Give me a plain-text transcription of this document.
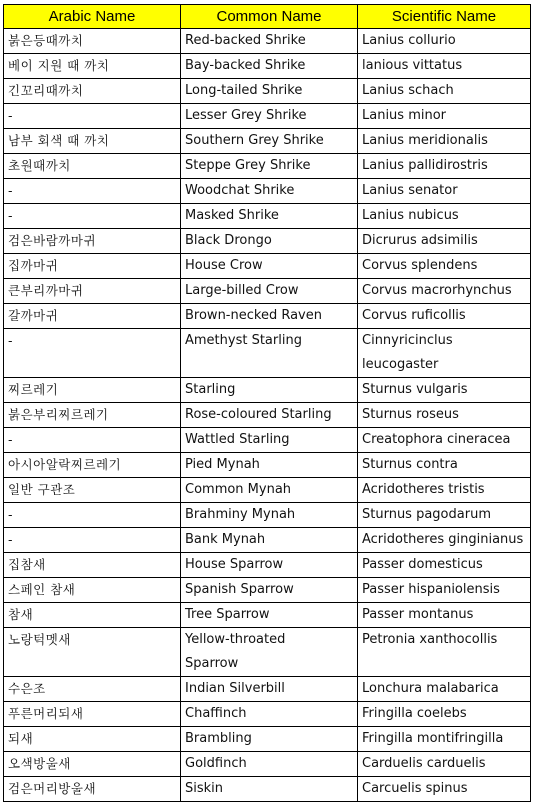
Arabic Name	Common Name	Scientific Name
붉은등때까치	Red-backed Shrike	Lanius collurio

베이 지원 때 까치	Bay-backed Shrike	lanious vittatus

긴꼬리때까치	Long-tailed Shrike	Lanius schach

-	Lesser Grey Shrike	Lanius minor

남부 회색 때 까치	Southern Grey Shrike	Lanius meridionalis

초원때까치	Steppe Grey Shrike	Lanius pallidirostris

-	Woodchat Shrike	Lanius senator

-	Masked Shrike	Lanius nubicus

검은바람까마귀	Black Drongo	Dicrurus adsimilis

집까마귀	House Crow	Corvus splendens

큰부리까마귀	Large-billed Crow	Corvus macrorhynchus

갈까마귀	Brown-necked Raven	Corvus ruficollis

-	Amethyst Starling	Cinnyricinclus
leucogaster

찌르레기	Starling	Sturnus vulgaris

붉은부리찌르레기	Rose-coloured Starling	Sturnus roseus

-	Wattled Starling	Creatophora cineracea

아시아알락찌르레기	Pied Mynah	Sturnus contra

일반 구관조	Common Mynah	Acridotheres tristis

-	Brahminy Mynah	Sturnus pagodarum

-	Bank Mynah	Acridotheres ginginianus

집참새	House Sparrow	Passer domesticus

스페인 참새	Spanish Sparrow	Passer hispaniolensis

참새	Tree Sparrow	Passer montanus

노랑턱멧새	Yellow-throated
Sparrow	Petronia xanthocollis

수은조	Indian Silverbill	Lonchura malabarica

푸른머리되새	Chaffinch	Fringilla coelebs

되새	Brambling	Fringilla montifringilla

오색방울새	Goldfinch	Carduelis carduelis

검은머리방울새	Siskin	Carcuelis spinus
